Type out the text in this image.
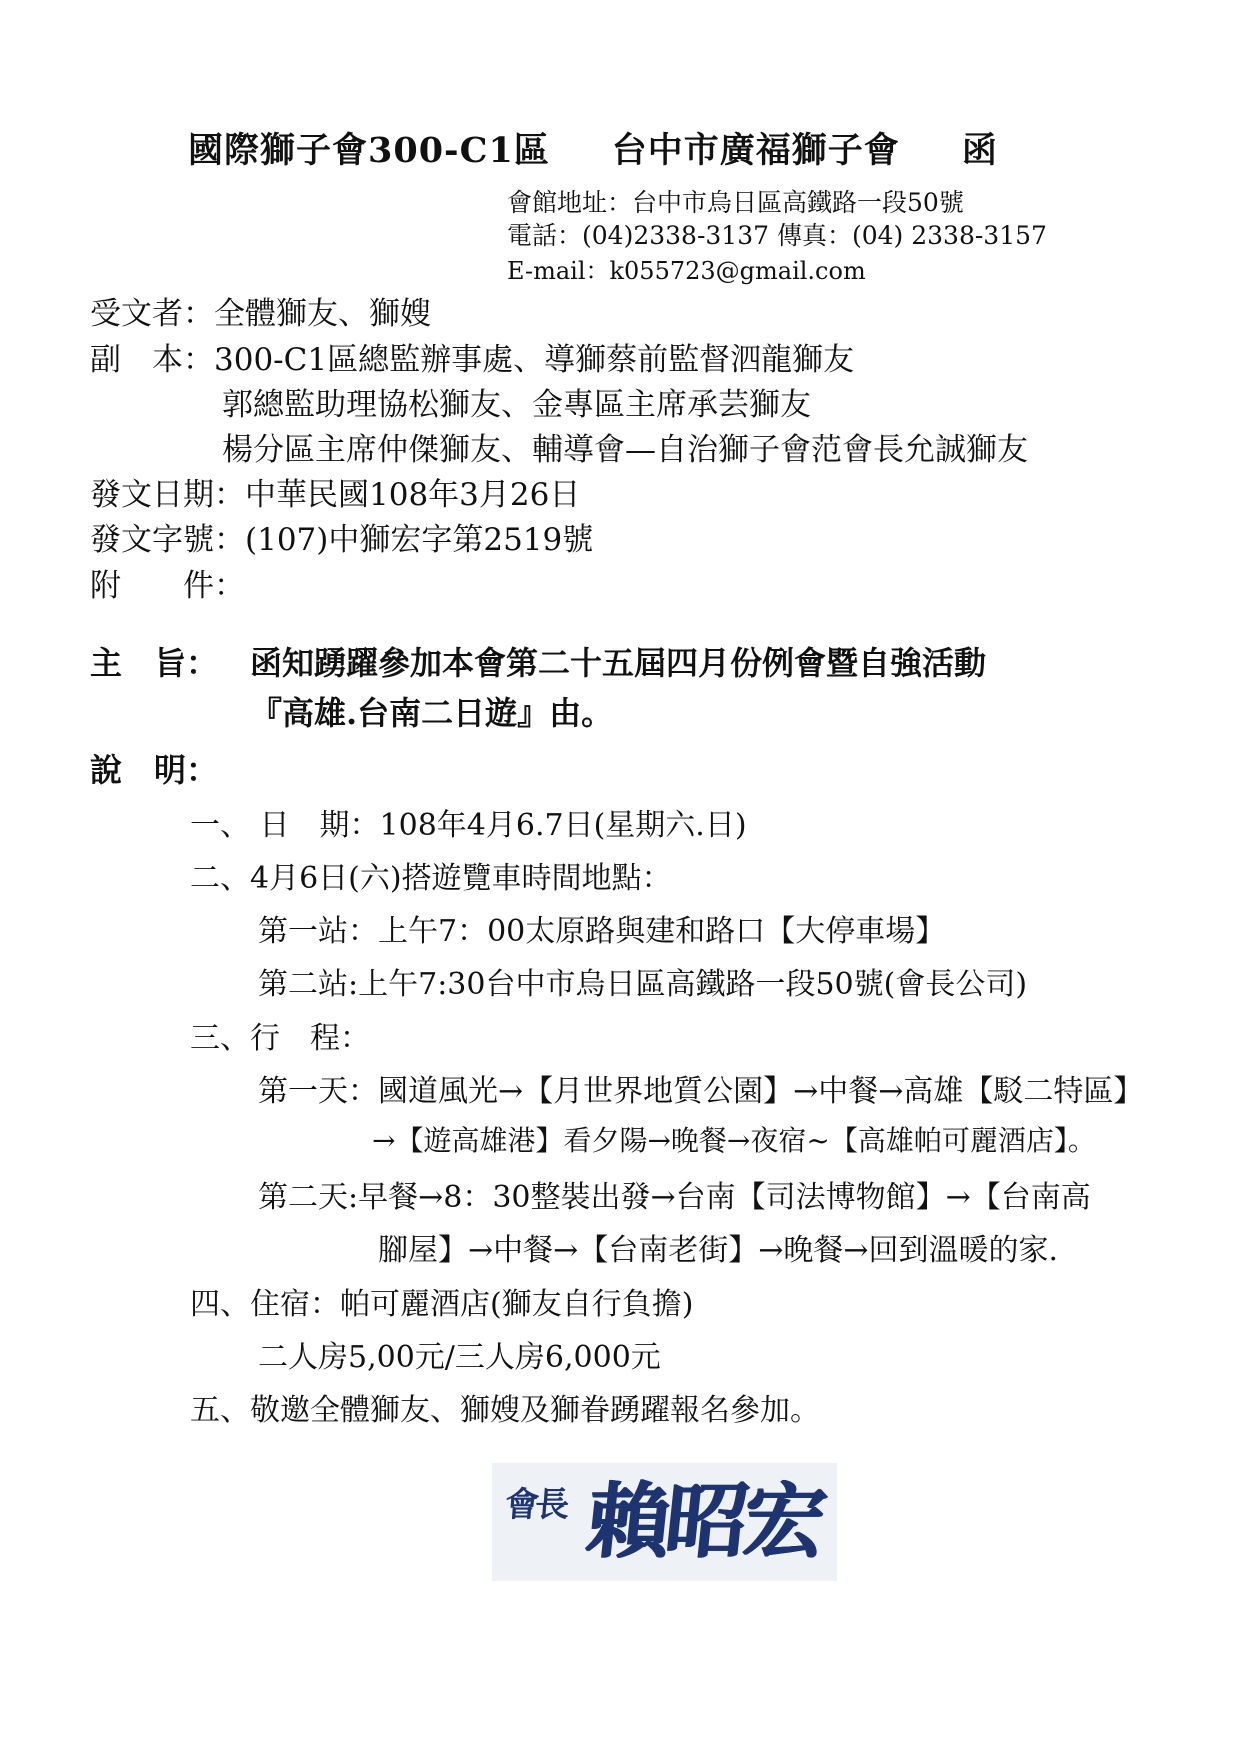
國際獅子會300-C1區 台中市廣福獅子會 函
會館地址：台中市烏日區高鐵路一段50號
電話：(04)2338-3137 傳真：(04) 2338-3157
E-mail：k055723@gmail.com
受文者：全體獅友、獅嫂
副　本：300-C1區總監辦事處、導獅蔡前監督泗龍獅友
郭總監助理協松獅友、金專區主席承芸獅友
楊分區主席仲傑獅友、輔導會—自治獅子會范會長允誠獅友
發文日期：中華民國108年3月26日
發文字號：(107)中獅宏字第2519號
附　　件：
主　旨： 函知踴躍參加本會第二十五屆四月份例會暨自強活動
『高雄.台南二日遊』由。
說　明：
一、 日　期：108年4月6.7日(星期六.日)
二、4月6日(六)搭遊覽車時間地點：
第一站：上午7：00太原路與建和路口【大停車場】
第二站:上午7:30台中市烏日區高鐵路一段50號(會長公司)
三、行　程：
第一天：國道風光→【月世界地質公園】→中餐→高雄【駁二特區】
→【遊高雄港】看夕陽→晚餐→夜宿~【高雄帕可麗酒店】。
第二天:早餐→8：30整裝出發→台南【司法博物館】→【台南高
腳屋】→中餐→【台南老街】→晚餐→回到溫暖的家.
四、住宿：帕可麗酒店(獅友自行負擔)
二人房5,00元/三人房6,000元
五、敬邀全體獅友、獅嫂及獅眷踴躍報名參加。
會長 賴昭宏
